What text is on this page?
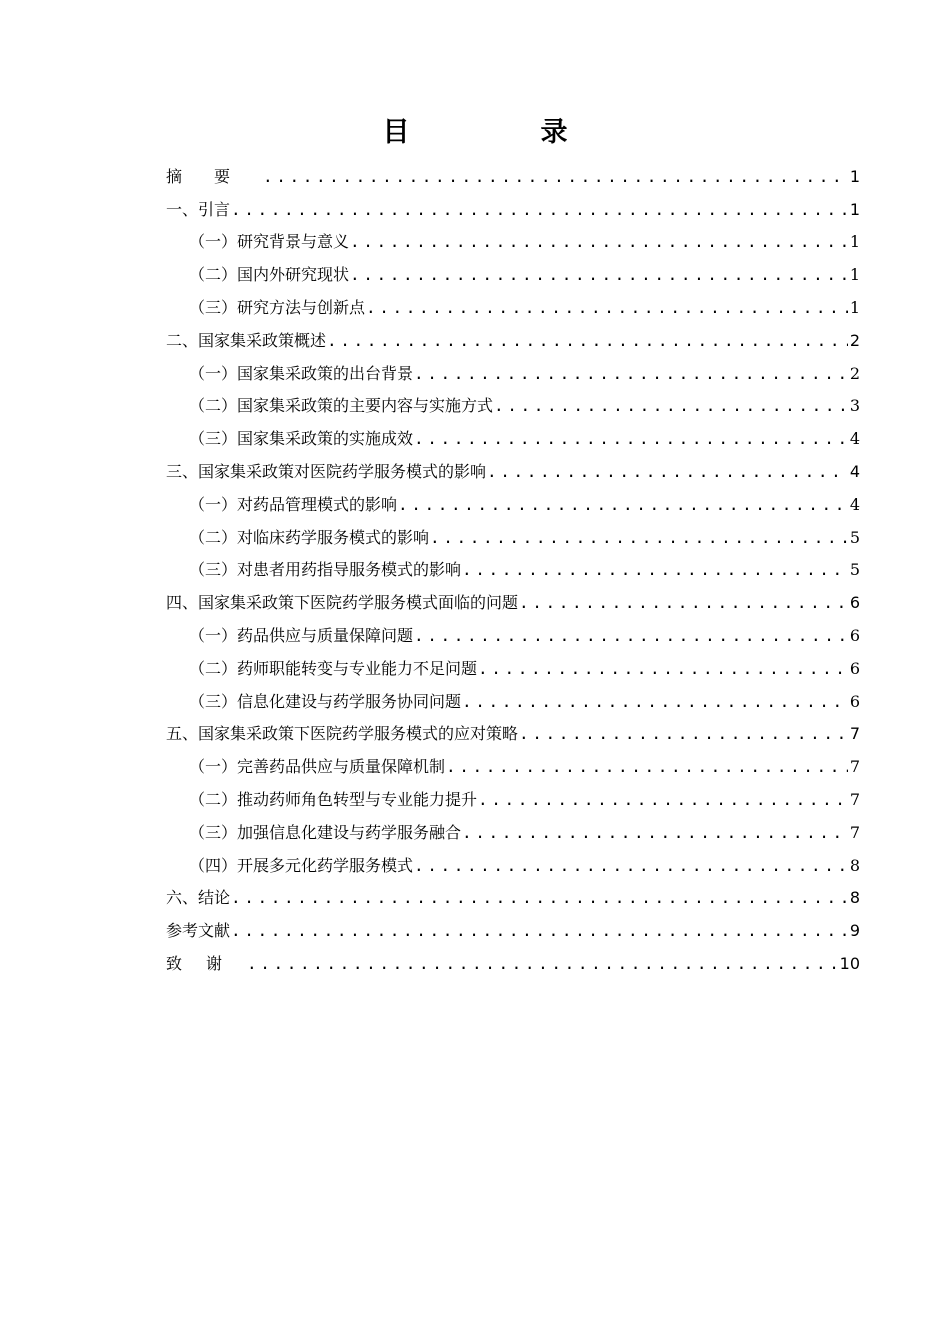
目　录
摘要 .....	1
一、引言 .....	1
（一）研究背景与意义 .....	1
（二）国内外研究现状 .....	1
（三）研究方法与创新点 .....	1
二、国家集采政策概述 .....	2
（一）国家集采政策的出台背景 .....	2
（二）国家集采政策的主要内容与实施方式 .....	3
（三）国家集采政策的实施成效 .....	4
三、国家集采政策对医院药学服务模式的影响 .....	4
（一）对药品管理模式的影响 .....	4
（二）对临床药学服务模式的影响 .....	5
（三）对患者用药指导服务模式的影响 .....	5
四、国家集采政策下医院药学服务模式面临的问题 .....	6
（一）药品供应与质量保障问题 .....	6
（二）药师职能转变与专业能力不足问题 .....	6
（三）信息化建设与药学服务协同问题 .....	6
五、国家集采政策下医院药学服务模式的应对策略 .....	7
（一）完善药品供应与质量保障机制 .....	7
（二）推动药师角色转型与专业能力提升 .....	7
（三）加强信息化建设与药学服务融合 .....	7
（四）开展多元化药学服务模式 .....	8
六、结论 .....	8
参考文献 .....	9
致谢 .....	10
